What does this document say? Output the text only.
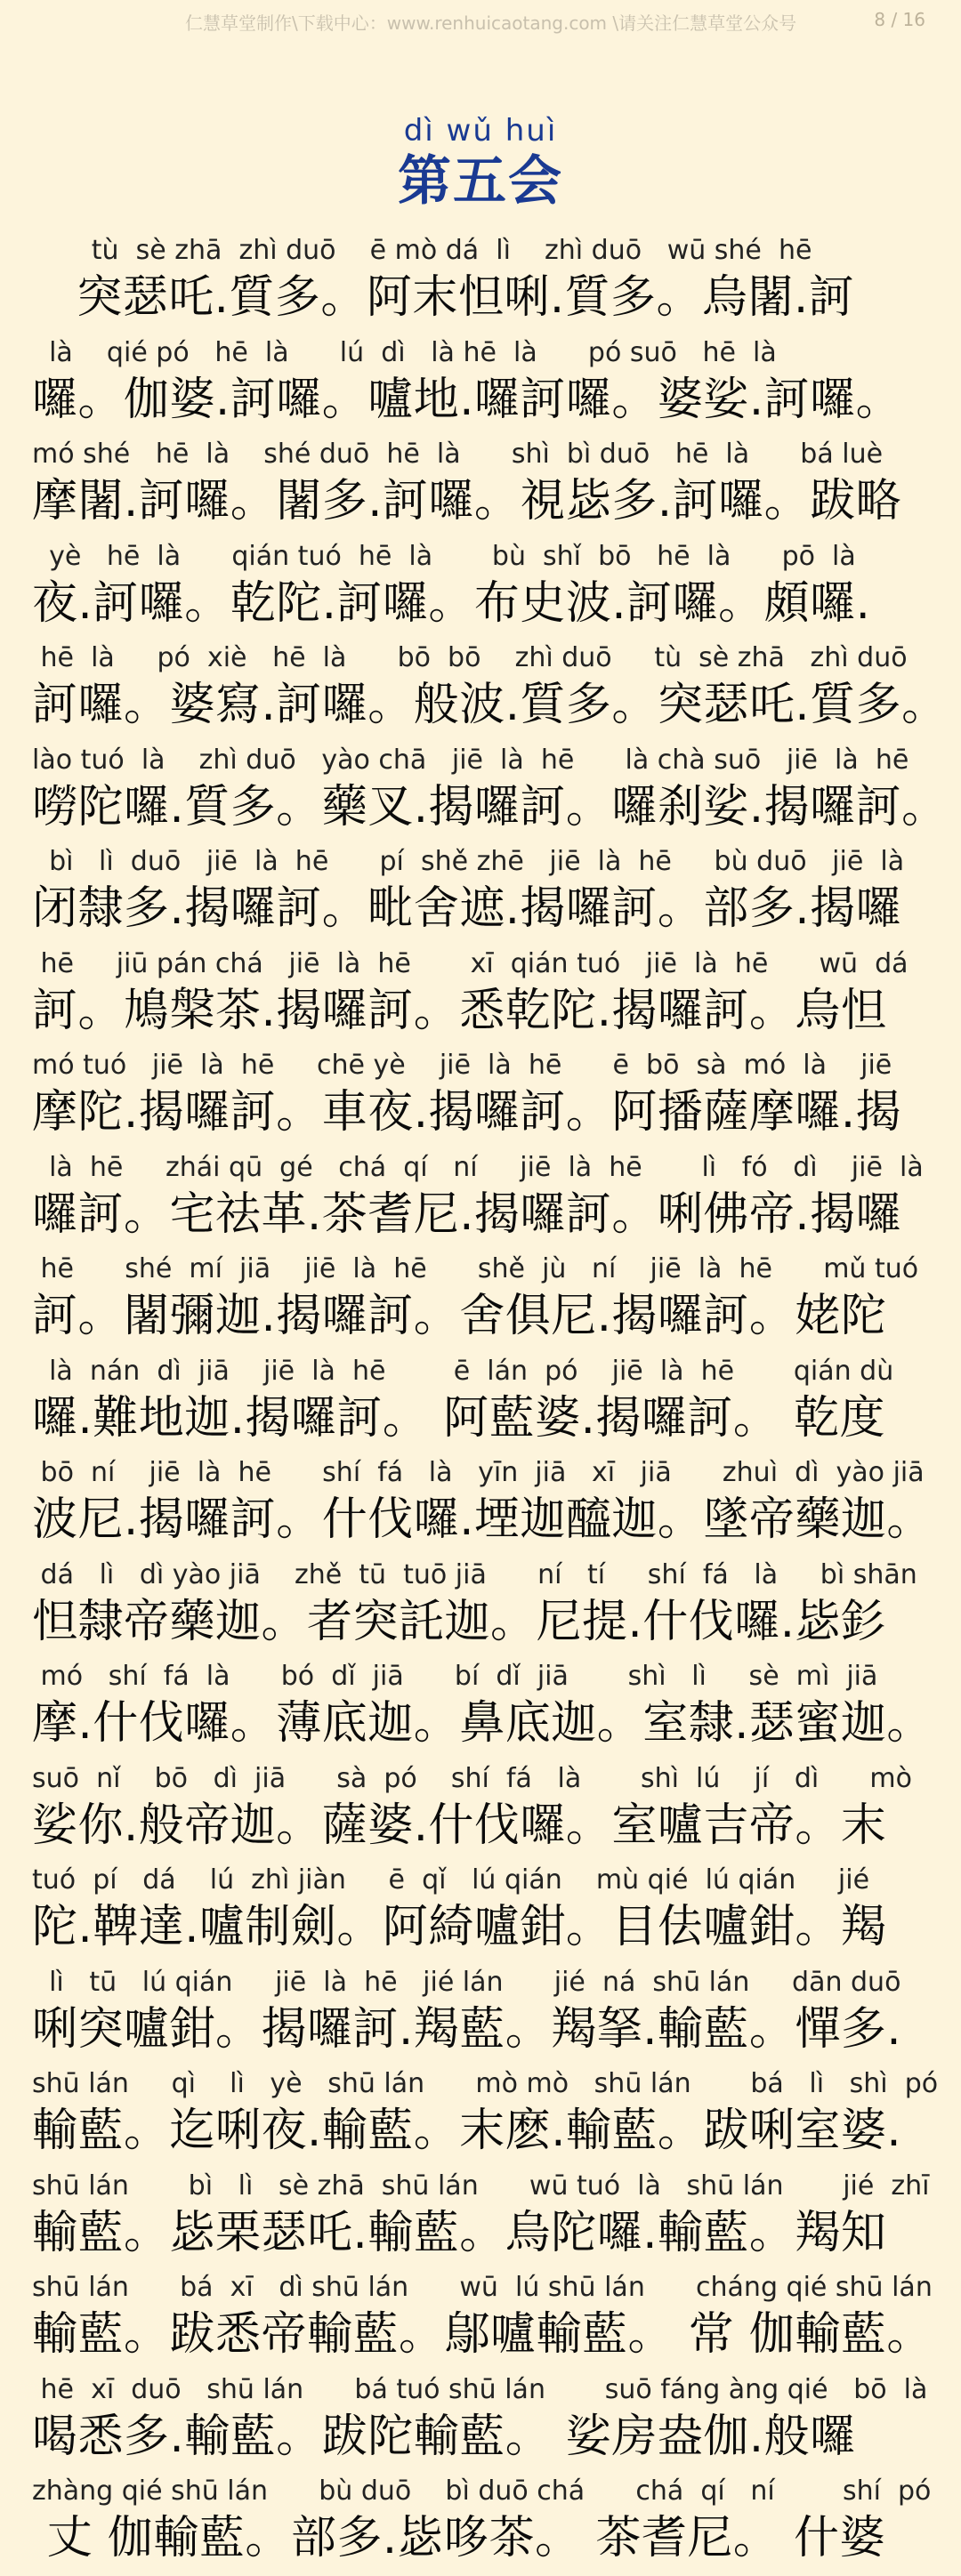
仁慧草堂制作\下载中心：www.renhuicaotang.com \请关注仁慧草堂公众号	8 / 16
dì wǔ huì
第五会
tù  sè zhā  zhì duō    ē mò dá  lì    zhì duō   wū shé  hē
突瑟吒.質多。阿末怛唎.質多。烏闍.訶
là    qié pó   hē  là      lú  dì   là hē  là      pó suō   hē  là
囉。伽婆.訶囉。嚧地.囉訶囉。婆娑.訶囉。
mó shé   hē  là    shé duō  hē  là      shì  bì duō   hē  là      bá luè
摩闍.訶囉。闍多.訶囉。視毖多.訶囉。跋略
yè   hē  là      qián tuó  hē  là       bù  shǐ  bō   hē  là      pō  là
夜.訶囉。乾陀.訶囉。布史波.訶囉。頗囉.
hē  là     pó  xiè   hē  là      bō  bō    zhì duō     tù  sè zhā   zhì duō
訶囉。婆寫.訶囉。般波.質多。突瑟吒.質多。
lào tuó  là    zhì duō   yào chā   jiē  là  hē      là chà suō   jiē  là  hē
嘮陀囉.質多。藥叉.揭囉訶。囉刹娑.揭囉訶。
bì   lì  duō   jiē  là  hē      pí  shě zhē   jiē  là  hē     bù duō   jiē  là
闭隸多.揭囉訶。毗舍遮.揭囉訶。部多.揭囉
hē     jiū pán chá   jiē  là  hē       xī  qián tuó   jiē  là  hē      wū  dá
訶。鳩槃茶.揭囉訶。悉乾陀.揭囉訶。烏怛
mó tuó   jiē  là  hē     chē yè    jiē  là  hē      ē  bō  sà  mó  là    jiē
摩陀.揭囉訶。車夜.揭囉訶。阿播薩摩囉.揭
là  hē     zhái qū  gé   chá  qí   ní     jiē  là  hē       lì   fó   dì    jiē  là
囉訶。宅祛革.茶耆尼.揭囉訶。唎佛帝.揭囉
hē      shé  mí  jiā    jiē  là  hē      shě  jù   ní    jiē  là  hē      mǔ tuó
訶。闍彌迦.揭囉訶。舍俱尼.揭囉訶。姥陀
là  nán  dì  jiā    jiē  là  hē        ē  lán  pó    jiē  là  hē       qián dù
囉.難地迦.揭囉訶。 阿藍婆.揭囉訶。 乾度
bō  ní    jiē  là  hē      shí  fá   là   yīn  jiā   xī   jiā      zhuì  dì  yào jiā
波尼.揭囉訶。什伐囉.堙迦醯迦。墜帝藥迦。
dá   lì   dì yào jiā    zhě  tū  tuō jiā      ní   tí     shí  fá   là     bì shān
怛隸帝藥迦。者突託迦。尼提.什伐囉.毖釤
mó   shí  fá  là      bó  dǐ  jiā      bí  dǐ  jiā       shì   lì     sè  mì  jiā
摩.什伐囉。薄底迦。鼻底迦。室隸.瑟蜜迦。
suō  nǐ    bō   dì  jiā      sà  pó    shí  fá   là       shì  lú    jí   dì      mò
娑你.般帝迦。薩婆.什伐囉。室嚧吉帝。末
tuó  pí   dá    lú  zhì jiàn     ē  qǐ   lú qián    mù qié  lú qián     jié
陀.鞞達.嚧制劍。阿綺嚧鉗。目佉嚧鉗。羯
lì   tū   lú qián     jiē  là  hē   jié lán      jié  ná  shū lán     dān duō
唎突嚧鉗。揭囉訶.羯藍。羯拏.輸藍。憚多.
shū lán     qì    lì   yè   shū lán      mò mò   shū lán       bá   lì   shì  pó
輸藍。迄唎夜.輸藍。末麽.輸藍。跋唎室婆.
shū lán       bì   lì   sè zhā  shū lán      wū tuó  là   shū lán       jié  zhī
輸藍。毖栗瑟吒.輸藍。烏陀囉.輸藍。羯知
shū lán      bá  xī   dì shū lán      wū  lú shū lán      cháng qié shū lán
輸藍。跋悉帝輸藍。鄔嚧輸藍。 常 伽輸藍。
hē  xī  duō   shū lán      bá tuó shū lán       suō fáng àng qié   bō  là
喝悉多.輸藍。跋陀輸藍。 娑房盎伽.般囉
zhàng qié shū lán      bù duō    bì duō chá      chá  qí   ní        shí  pó
丈 伽輸藍。部多.毖哆茶。 茶耆尼。 什婆
